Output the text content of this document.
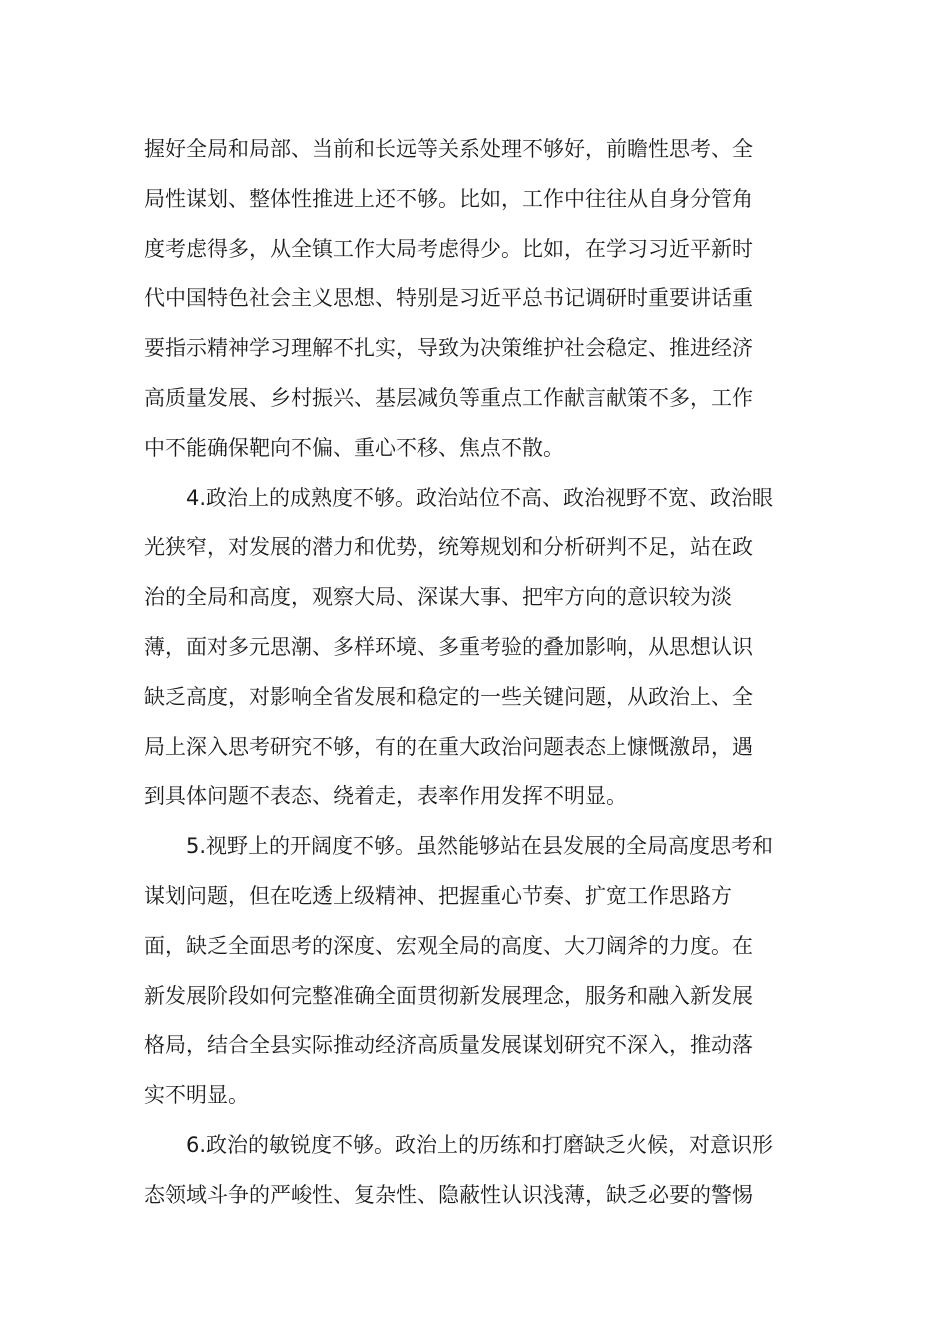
握好全局和局部、当前和长远等关系处理不够好，前瞻性思考、全
局性谋划、整体性推进上还不够。比如，工作中往往从自身分管角
度考虑得多，从全镇工作大局考虑得少。比如，在学习习近平新时
代中国特色社会主义思想、特别是习近平总书记调研时重要讲话重
要指示精神学习理解不扎实，导致为决策维护社会稳定、推进经济
高质量发展、乡村振兴、基层减负等重点工作献言献策不多，工作
中不能确保靶向不偏、重心不移、焦点不散。
4.政治上的成熟度不够。政治站位不高、政治视野不宽、政治眼
光狭窄，对发展的潜力和优势，统筹规划和分析研判不足，站在政
治的全局和高度，观察大局、深谋大事、把牢方向的意识较为淡
薄，面对多元思潮、多样环境、多重考验的叠加影响，从思想认识
缺乏高度，对影响全省发展和稳定的一些关键问题，从政治上、全
局上深入思考研究不够，有的在重大政治问题表态上慷慨激昂，遇
到具体问题不表态、绕着走，表率作用发挥不明显。
5.视野上的开阔度不够。虽然能够站在县发展的全局高度思考和
谋划问题，但在吃透上级精神、把握重心节奏、扩宽工作思路方
面，缺乏全面思考的深度、宏观全局的高度、大刀阔斧的力度。在
新发展阶段如何完整准确全面贯彻新发展理念，服务和融入新发展
格局，结合全县实际推动经济高质量发展谋划研究不深入，推动落
实不明显。
6.政治的敏锐度不够。政治上的历练和打磨缺乏火候，对意识形
态领域斗争的严峻性、复杂性、隐蔽性认识浅薄，缺乏必要的警惕
